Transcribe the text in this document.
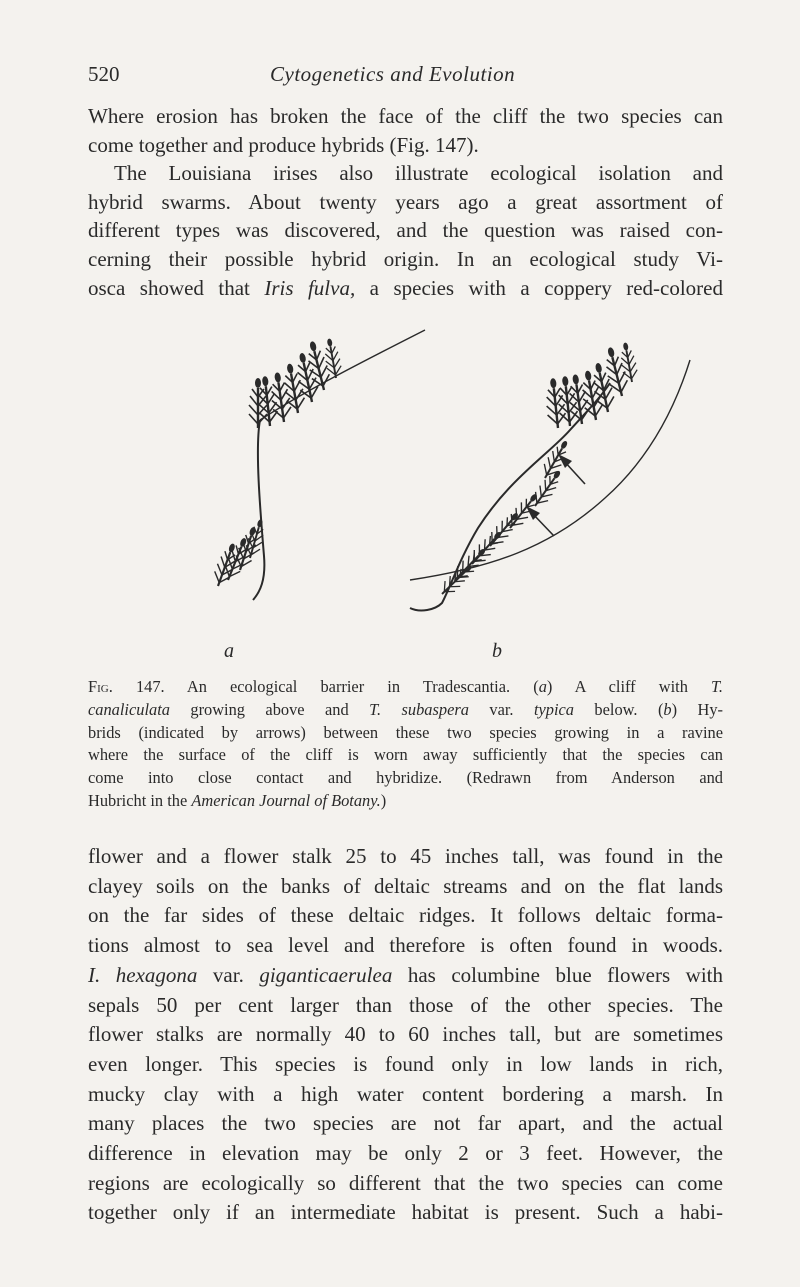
520	Cytogenetics and Evolution

Where erosion has broken the face of the cliff the two species can
come together and produce hybrids (Fig. 147).
The Louisiana irises also illustrate ecological isolation and
hybrid swarms. About twenty years ago a great assortment of
different types was discovered, and the question was raised con-
cerning their possible hybrid origin. In an ecological study Vi-
osca showed that Iris fulva, a species with a coppery red-colored

a	b

Fig. 147. An ecological barrier in Tradescantia. (a) A cliff with T.
canaliculata growing above and T. subaspera var. typica below. (b) Hy-
brids (indicated by arrows) between these two species growing in a ravine
where the surface of the cliff is worn away sufficiently that the species can
come into close contact and hybridize. (Redrawn from Anderson and
Hubricht in the American Journal of Botany.)

flower and a flower stalk 25 to 45 inches tall, was found in the
clayey soils on the banks of deltaic streams and on the flat lands
on the far sides of these deltaic ridges. It follows deltaic forma-
tions almost to sea level and therefore is often found in woods.
I. hexagona var. giganticaerulea has columbine blue flowers with
sepals 50 per cent larger than those of the other species. The
flower stalks are normally 40 to 60 inches tall, but are sometimes
even longer. This species is found only in low lands in rich,
mucky clay with a high water content bordering a marsh. In
many places the two species are not far apart, and the actual
difference in elevation may be only 2 or 3 feet. However, the
regions are ecologically so different that the two species can come
together only if an intermediate habitat is present. Such a habi-
